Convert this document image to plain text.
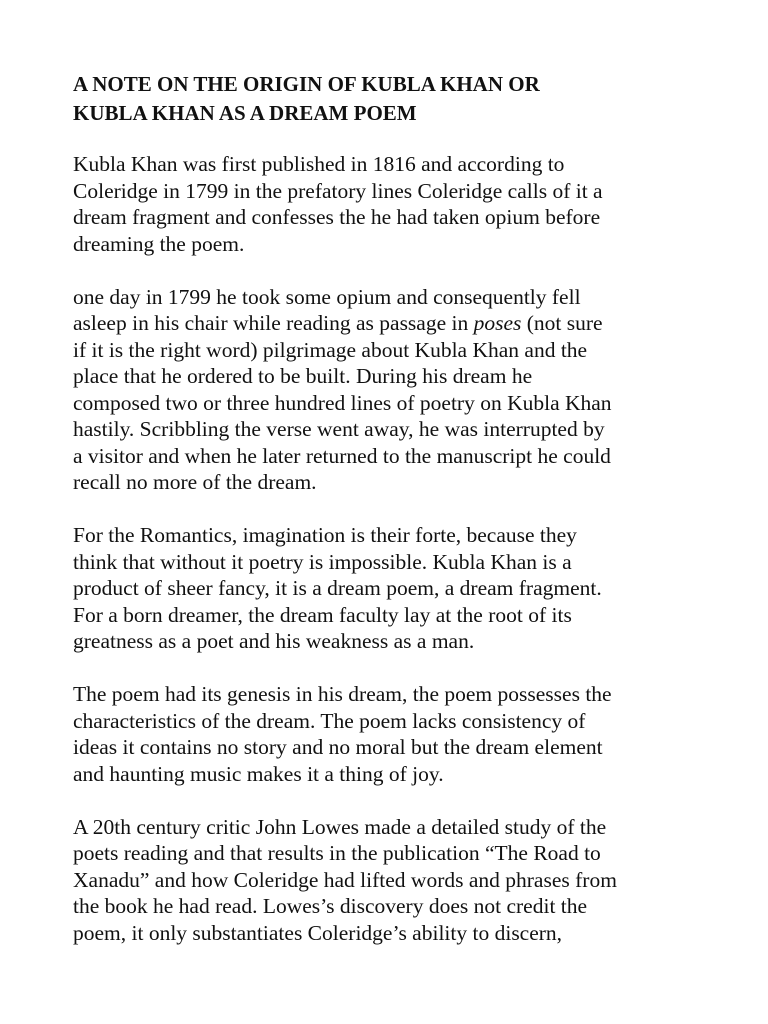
A NOTE ON THE ORIGIN OF KUBLA KHAN OR
KUBLA KHAN AS A DREAM POEM

Kubla Khan was first published in 1816 and according to
Coleridge in 1799 in the prefatory lines Coleridge calls of it a
dream fragment and confesses the he had taken opium before
dreaming the poem.

one day in 1799 he took some opium and consequently fell
asleep in his chair while reading as passage in poses (not sure
if it is the right word) pilgrimage about Kubla Khan and the
place that he ordered to be built. During his dream he
composed two or three hundred lines of poetry on Kubla Khan
hastily. Scribbling the verse went away, he was interrupted by
a visitor and when he later returned to the manuscript he could
recall no more of the dream.

For the Romantics, imagination is their forte, because they
think that without it poetry is impossible. Kubla Khan is a
product of sheer fancy, it is a dream poem, a dream fragment.
For a born dreamer, the dream faculty lay at the root of its
greatness as a poet and his weakness as a man.

The poem had its genesis in his dream, the poem possesses the
characteristics of the dream. The poem lacks consistency of
ideas it contains no story and no moral but the dream element
and haunting music makes it a thing of joy.

A 20th century critic John Lowes made a detailed study of the
poets reading and that results in the publication “The Road to
Xanadu” and how Coleridge had lifted words and phrases from
the book he had read. Lowes’s discovery does not credit the
poem, it only substantiates Coleridge’s ability to discern,
